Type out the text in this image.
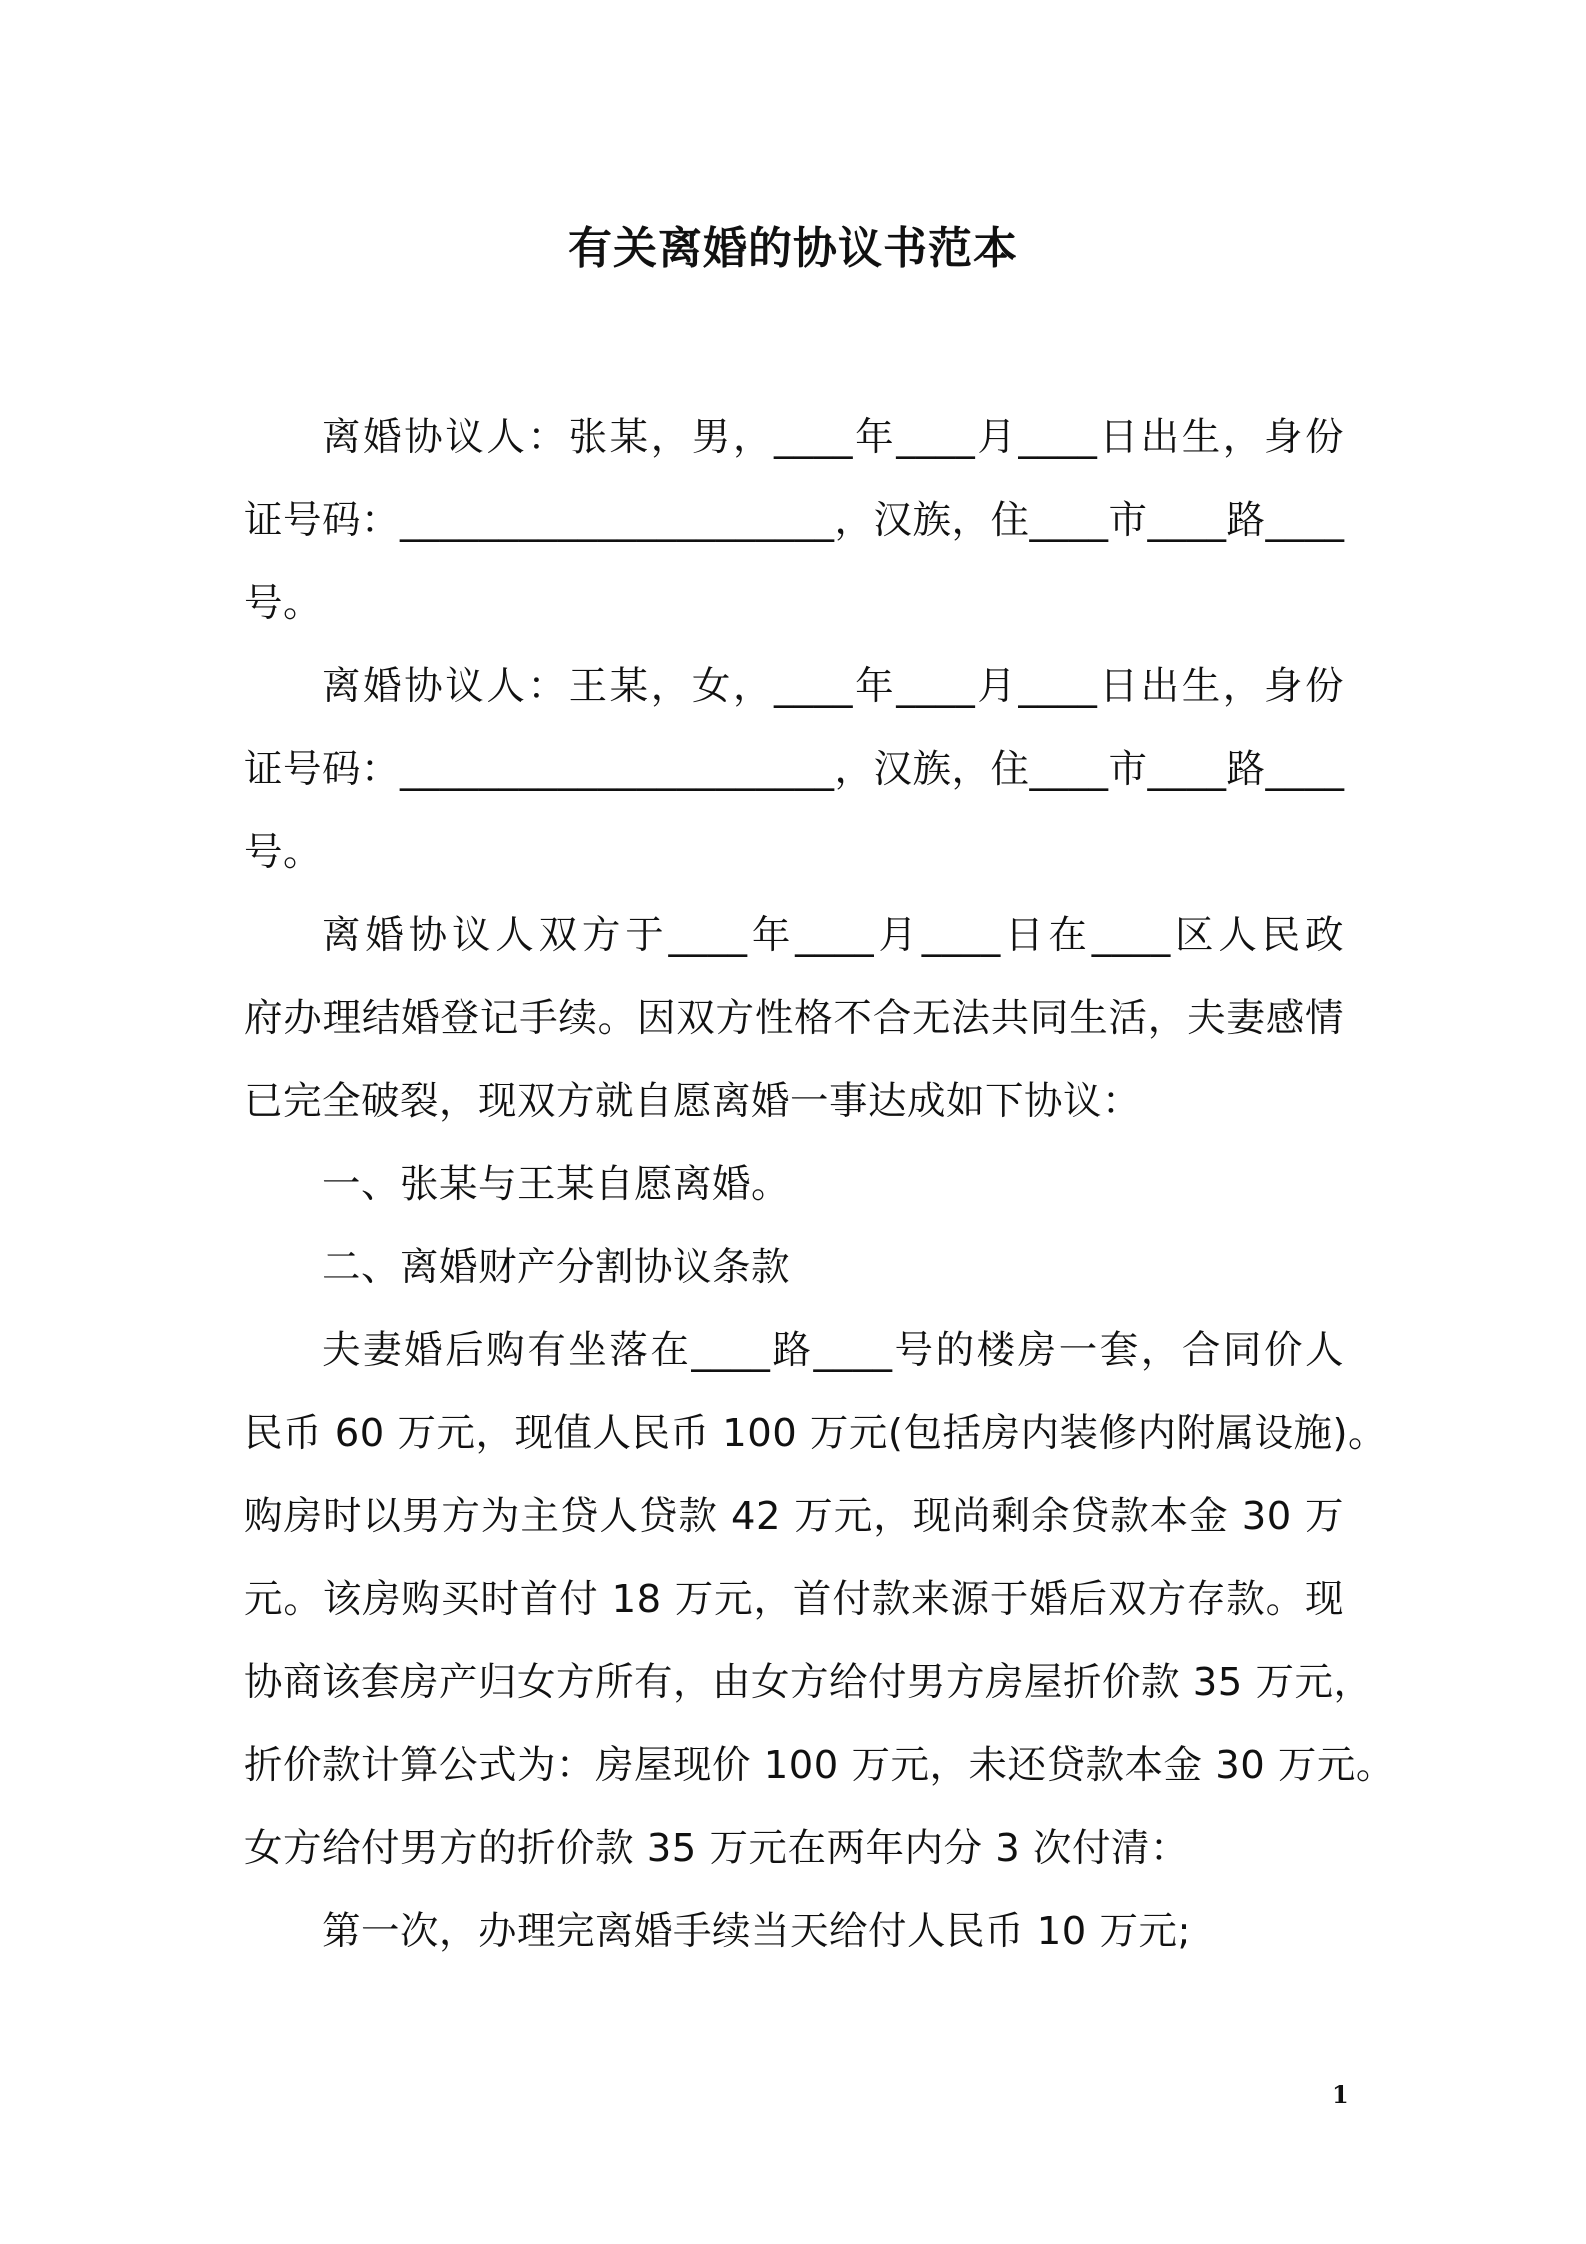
有关离婚的协议书范本
离婚协议人：张某，男，____年____月____日出生，身份
证号码：______________________，汉族，住____市____路____
号。
离婚协议人：王某，女，____年____月____日出生，身份
证号码：______________________，汉族，住____市____路____
号。
离婚协议人双方于____年____月____日在____区人民政
府办理结婚登记手续。因双方性格不合无法共同生活，夫妻感情
已完全破裂，现双方就自愿离婚一事达成如下协议：
一、张某与王某自愿离婚。
二、离婚财产分割协议条款
夫妻婚后购有坐落在____路____号的楼房一套，合同价人
民币 60 万元，现值人民币 100 万元(包括房内装修内附属设施)。
购房时以男方为主贷人贷款 42 万元，现尚剩余贷款本金 30 万
元。该房购买时首付 18 万元，首付款来源于婚后双方存款。现
协商该套房产归女方所有，由女方给付男方房屋折价款 35 万元，
折价款计算公式为：房屋现价 100 万元，未还贷款本金 30 万元。
女方给付男方的折价款 35 万元在两年内分 3 次付清：
第一次，办理完离婚手续当天给付人民币 10 万元;
1
